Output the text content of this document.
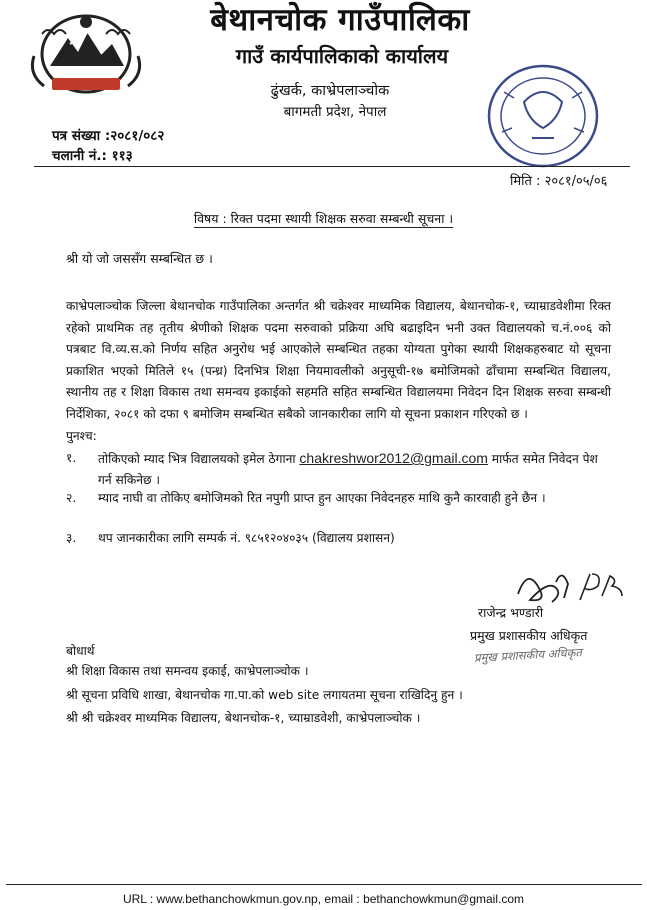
बेथानचोक गाउँपालिका
गाउँ कार्यपालिकाको कार्यालय
ढुंखर्क, काभ्रेपलाञ्चोक
बागमती प्रदेश, नेपाल
पत्र संख्या :२०८१/०८२
चलानी नं.: ११३
मिति : २०८१/०५/०६
विषय : रिक्त पदमा स्थायी शिक्षक सरुवा सम्बन्धी सूचना ।
श्री यो जो जससँग सम्बन्धित छ ।
काभ्रेपलाञ्चोक जिल्ला बेथानचोक गाउँपालिका अन्तर्गत श्री चक्रेश्वर माध्यमिक विद्यालय, बेथानचोक-१, च्याम्राडवेशीमा रिक्त रहेको प्राथमिक तह तृतीय श्रेणीको शिक्षक पदमा सरुवाको प्रक्रिया अघि बढाइदिन भनी उक्त विद्यालयको च.नं.००६ को पत्रबाट वि.व्य.स.को निर्णय सहित अनुरोध भई आएकोले सम्बन्धित तहका योग्यता पुगेका स्थायी शिक्षकहरुबाट यो सूचना प्रकाशित भएको मितिले १५ (पन्ध्र) दिनभित्र शिक्षा नियमावलीको अनुसूची-१७ बमोजिमको ढाँचामा सम्बन्धित विद्यालय, स्थानीय तह र शिक्षा विकास तथा समन्वय इकाईको सहमति सहित सम्बन्धित विद्यालयमा निवेदन दिन शिक्षक सरुवा सम्बन्धी निर्देशिका, २०८१ को दफा ९ बमोजिम सम्बन्धित सबैको जानकारीका लागि यो सूचना प्रकाशन गरिएको छ ।
पुनश्च:
१.	तोकिएको म्याद भित्र विद्यालयको इमेल ठेगाना chakreshwor2012@gmail.com मार्फत समेत निवेदन पेश गर्न सकिनेछ ।
२.	म्याद नाघी वा तोकिए बमोजिमको रित नपुगी प्राप्त हुन आएका निवेदनहरु माथि कुनै कारवाही हुने छैन ।
३.	थप जानकारीका लागि सम्पर्क नं. ९८५१२०४०३५ (विद्यालय प्रशासन)
राजेन्द्र भण्डारी
प्रमुख प्रशासकीय अधिकृत
प्रमुख प्रशासकीय अधिकृत
बोधार्थ
श्री शिक्षा विकास तथा समन्वय इकाई, काभ्रेपलाञ्चोक ।
श्री सूचना प्रविधि शाखा, बेथानचोक गा.पा.को web site लगायतमा सूचना राखिदिनु हुन ।
श्री श्री चक्रेश्वर माध्यमिक विद्यालय, बेथानचोक-१, च्याम्राडवेशी, काभ्रेपलाञ्चोक ।
URL : www.bethanchowkmun.gov.np, email : bethanchowkmun@gmail.com
